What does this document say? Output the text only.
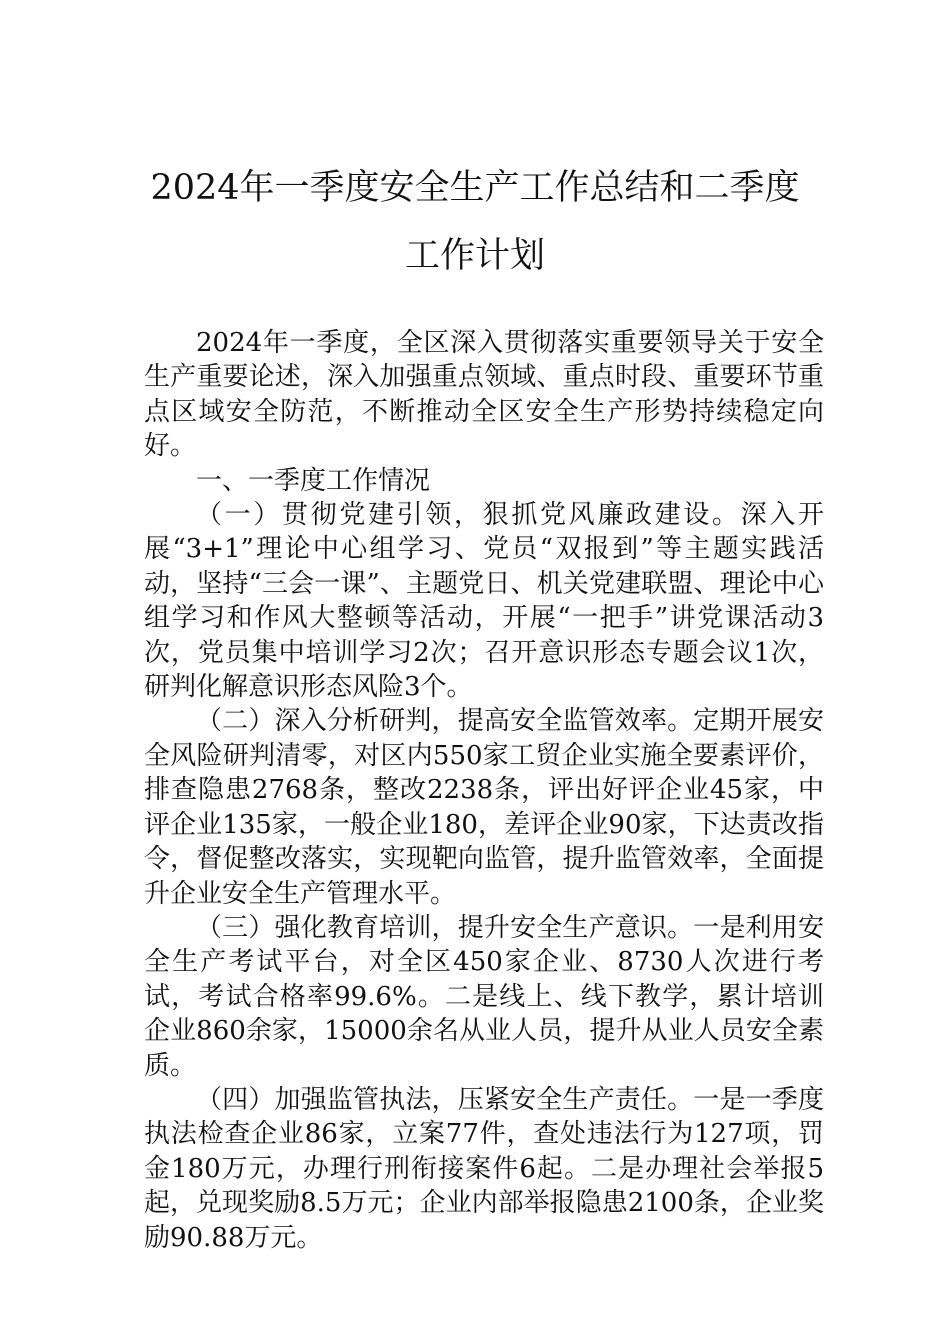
2024年一季度安全生产工作总结和二季度
工作计划

2024年一季度，全区深入贯彻落实重要领导关于安全生产重要论述，深入加强重点领域、重点时段、重要环节重点区域安全防范，不断推动全区安全生产形势持续稳定向好。

一、一季度工作情况

（一）贯彻党建引领，狠抓党风廉政建设。深入开展“3+1”理论中心组学习、党员“双报到”等主题实践活动，坚持“三会一课”、主题党日、机关党建联盟、理论中心组学习和作风大整顿等活动，开展“一把手”讲党课活动3次，党员集中培训学习2次；召开意识形态专题会议1次，研判化解意识形态风险3个。

（二）深入分析研判，提高安全监管效率。定期开展安全风险研判清零，对区内550家工贸企业实施全要素评价，排查隐患2768条，整改2238条，评出好评企业45家，中评企业135家，一般企业180，差评企业90家，下达责改指令，督促整改落实，实现靶向监管，提升监管效率，全面提升企业安全生产管理水平。

（三）强化教育培训，提升安全生产意识。一是利用安全生产考试平台，对全区450家企业、8730人次进行考试，考试合格率99.6%。二是线上、线下教学，累计培训企业860余家，15000余名从业人员，提升从业人员安全素质。

（四）加强监管执法，压紧安全生产责任。一是一季度执法检查企业86家，立案77件，查处违法行为127项，罚金180万元，办理行刑衔接案件6起。二是办理社会举报5起，兑现奖励8.5万元；企业内部举报隐患2100条，企业奖励90.88万元。
